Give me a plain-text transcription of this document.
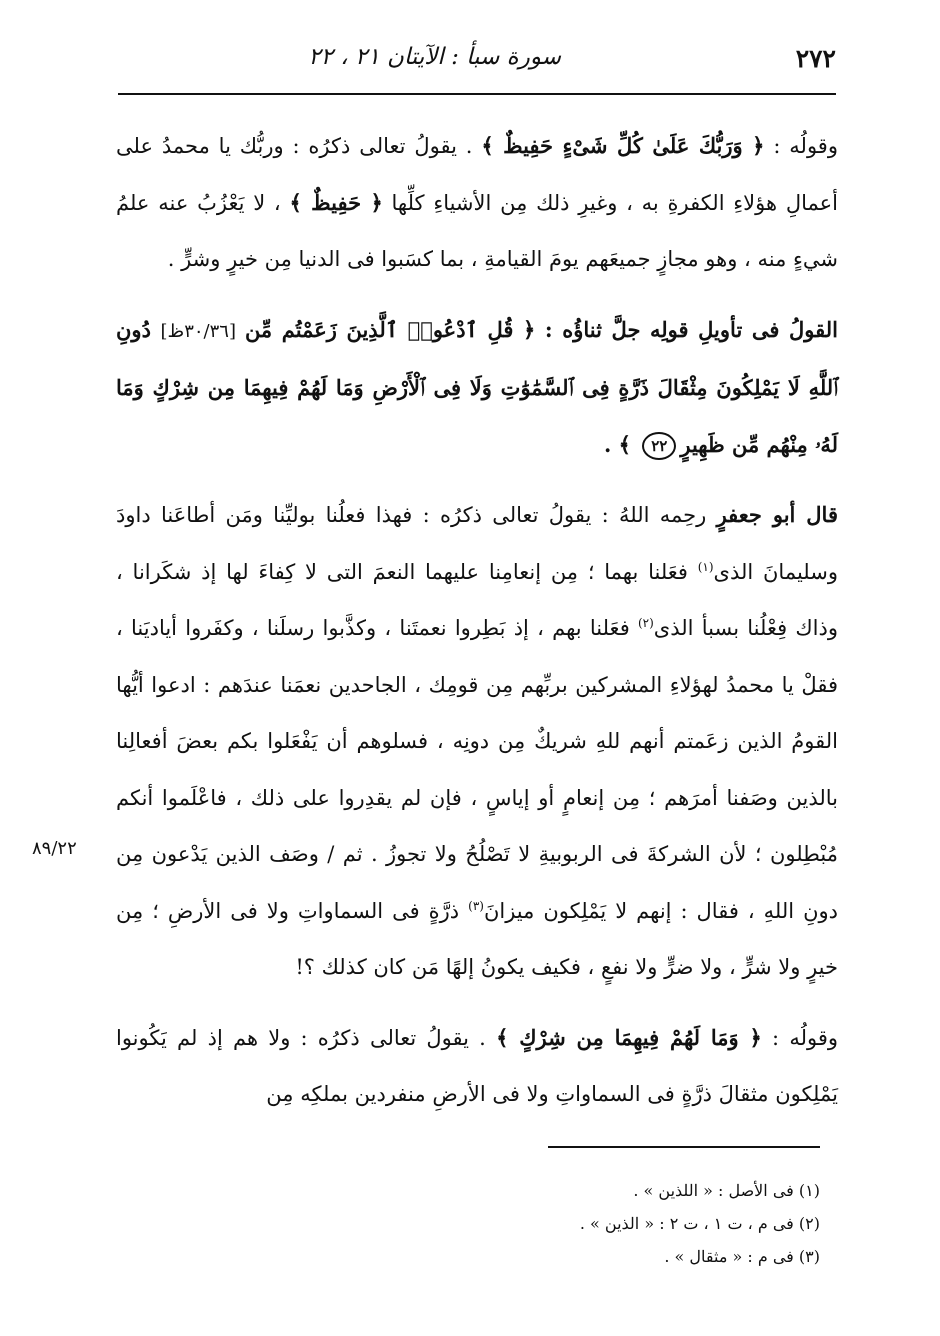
٢٧٢
سورة سبأ : الآيتان ٢١ ، ٢٢

وقولُه : ﴿ وَرَبُّكَ عَلَىٰ كُلِّ شَىْءٍ حَفِيظٌ ﴾ . يقولُ تعالى ذكرُه : وربُّك يا محمدُ على أعمالِ هؤلاءِ الكفرةِ به ، وغيرِ ذلك مِن الأشياءِ كلِّها ﴿ حَفِيظٌ ﴾ ، لا يَعْزُبُ عنه علمُ شيءٍ منه ، وهو مجازٍ جميعَهم يومَ القيامةِ ، بما كسَبوا فى الدنيا مِن خيرٍ وشرٍّ .

القولُ فى تأويلِ قولِه جلَّ ثناؤُه : ﴿ قُلِ ٱدْعُوا۟ ٱلَّذِينَ زَعَمْتُم مِّن [٣٠/٣٦ظ] دُونِ ٱللَّهِ لَا يَمْلِكُونَ مِثْقَالَ ذَرَّةٍ فِى ٱلسَّمَٰوَٰتِ وَلَا فِى ٱلْأَرْضِ وَمَا لَهُمْ فِيهِمَا مِن شِرْكٍ وَمَا لَهُۥ مِنْهُم مِّن ظَهِيرٍ٢٢ ﴾ .

قال أبو جعفرٍ رحِمه اللهُ : يقولُ تعالى ذكرُه : فهذا فعلُنا بوليِّنا ومَن أطاعَنا داودَ وسليمانَ الذى$^{(١)}$ فعَلنا بهما ؛ مِن إنعامِنا عليهما النعمَ التى لا كِفاءَ لها إذ شكَرانا ، وذاك فِعْلُنا بسبأ الذى$^{(٢)}$ فعَلنا بهم ، إذ بَطِروا نعمتَنا ، وكذَّبوا رسلَنا ، وكفَروا أياديَنا ، فقلْ يا محمدُ لهؤلاءِ المشركين بربِّهم مِن قومِك ، الجاحدين نعمَنا عندَهم : ادعوا أيُّها القومُ الذين زعَمتم أنهم للهِ شريكٌ مِن دونِه ، فسلوهم أن يَفْعَلوا بكم بعضَ أفعالِنا بالذين وصَفنا أمرَهم ؛ مِن إنعامٍ أو إياسٍ ، فإن لم يقدِروا على ذلك ، فاعْلَموا أنكم مُبْطِلون ؛ لأن الشركةَ فى الربوبيةِ لا تَصْلُحُ ولا تجوزُ . ثم / وصَف الذين يَدْعون مِن دونِ اللهِ ، فقال : إنهم لا يَمْلِكون ميزانَ$^{(٣)}$ ذرَّةٍ فى السماواتِ ولا فى الأرضِ ؛ مِن خيرٍ ولا شرٍّ ، ولا ضرٍّ ولا نفعٍ ، فكيف يكونُ إلهًا مَن كان كذلك ؟!

وقولُه : ﴿ وَمَا لَهُمْ فِيهِمَا مِن شِرْكٍ ﴾ . يقولُ تعالى ذكرُه : ولا هم إذ لم يَكُونوا يَمْلِكون مثقالَ ذرَّةٍ فى السماواتِ ولا فى الأرضِ منفردين بملكِه مِن

٨٩/٢٢
(١) فى الأصل : « اللذين » .
(٢) فى م ، ت ١ ، ت ٢ : « الذين » .
(٣) فى م : « مثقال » .
